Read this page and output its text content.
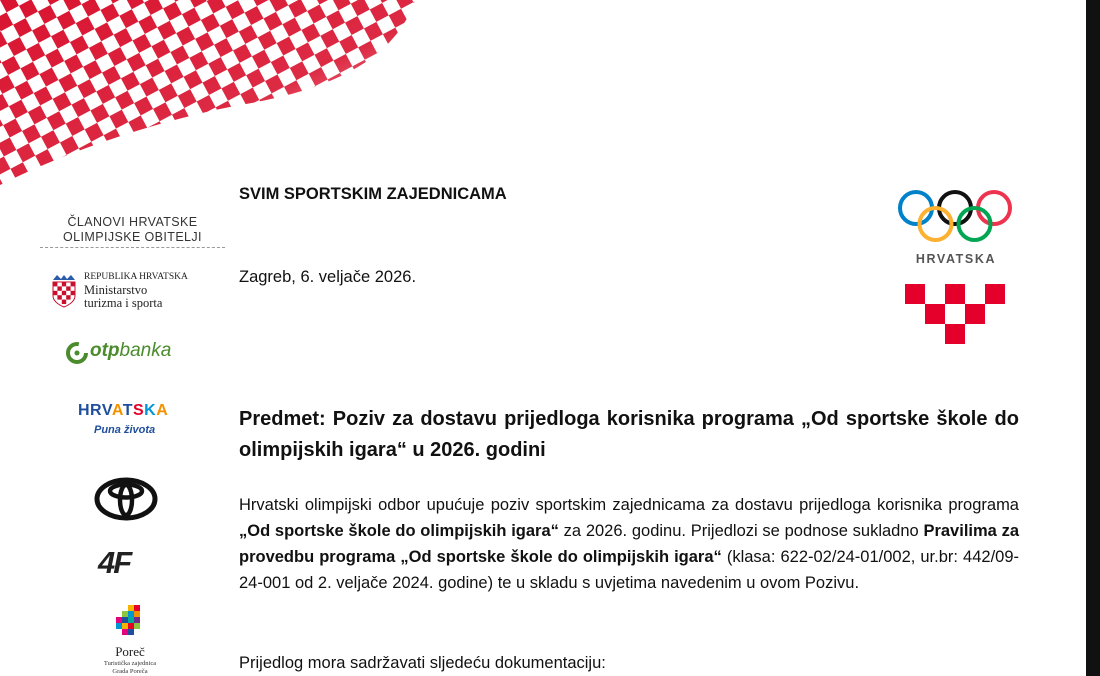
ČLANOVI HRVATSKE
OLIMPIJSKE OBITELJI
REPUBLIKA HRVATSKA
Ministarstvo
turizma i sporta
otpbanka
HRVATSKA
Puna života
4F
Poreč
Turistička zajednica
Grada Poreča
HRVATSKA
SVIM SPORTSKIM ZAJEDNICAMA
Zagreb, 6. veljače 2026.
Predmet: Poziv za dostavu prijedloga korisnika programa „Od sportske škole do olimpijskih igara“ u 2026. godini

Hrvatski olimpijski odbor upućuje poziv sportskim zajednicama za dostavu prijedloga korisnika programa „Od sportske škole do olimpijskih igara“ za 2026. godinu. Prijedlozi se podnose sukladno Pravilima za provedbu programa „Od sportske škole do olimpijskih igara“ (klasa: 622-02/24-01/002, ur.br: 442/09-24-001 od 2. veljače 2024. godine) te u skladu s uvjetima navedenim u ovom Pozivu.

Prijedlog mora sadržavati sljedeću dokumentaciju:
